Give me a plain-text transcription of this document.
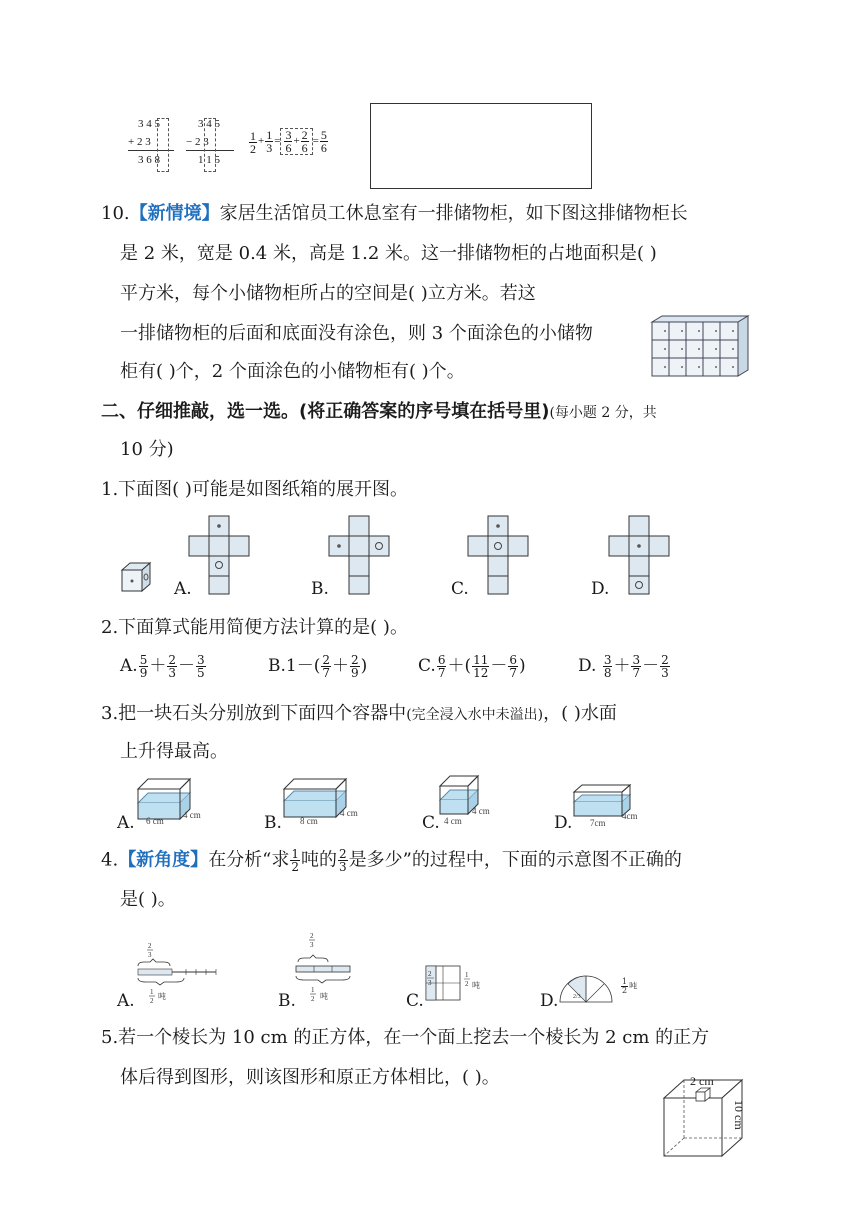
3 4 5
+ 2 3
3 6 8
3 4 5
− 2 3
1 1 5
$\frac{1}{2} + \frac{1}{3} = \frac{3}{6} + \frac{2}{6} = \frac{5}{6}$
10.【新情境】家居生活馆员工休息室有一排储物柜，如下图这排储物柜长
是 2 米，宽是 0.4 米，高是 1.2 米。这一排储物柜的占地面积是( )
平方米，每个小储物柜所占的空间是( )立方米。若这
一排储物柜的后面和底面没有涂色，则 3 个面涂色的小储物
柜有( )个，2 个面涂色的小储物柜有( )个。
二、仔细推敲，选一选。(将正确答案的序号填在括号里)(每小题 2 分，共
10 分)
1.下面图( )可能是如图纸箱的展开图。
A.	B.	C.	D.
2.下面算式能用简便方法计算的是( )。
A. $\frac{5}{9} + \frac{2}{3} - \frac{3}{5}$	$B.1-( \frac{2}{7} + \frac{2}{9}$ )	C. $\frac{6}{7}$ ＋( $\frac{11}{12} - \frac{6}{7}$ )	D. $\frac{3}{8} + \frac{3}{7} - \frac{2}{3}$
3.把一块石头分别放到下面四个容器中(完全浸入水中未溢出)，( )水面
上升得最高。
6 cm
4 cm
A.	8 cm
4 cm
B.	4 cm
4 cm
C.	7cm
4cm
D.
4.【新角度】在分析“求 $\frac{1}{2}$ 吨的 $\frac{2}{3}$ 是多少”的过程中，下面的示意图不正确的
是( )。
2
3
1
2 吨
A.
2
3
1
2 吨
B.
2
3
1
2 吨
C.	2/3
$\frac{1}{2}$ 吨
D.
5.若一个棱长为 10 cm 的正方体，在一个面上挖去一个棱长为 2 cm 的正方
体后得到图形，则该图形和原正方体相比，( )。	2 cm
10 cm
